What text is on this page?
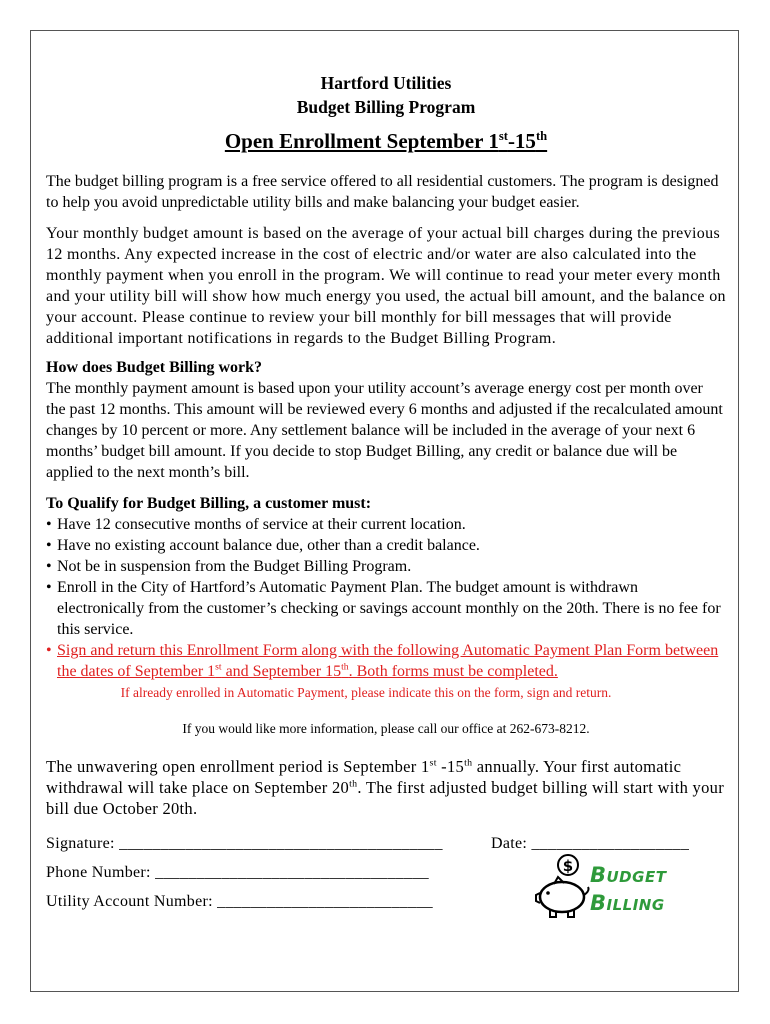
Hartford Utilities
Budget Billing Program
Open Enrollment September 1st-15th

The budget billing program is a free service offered to all residential customers. The program is designed to help you avoid unpredictable utility bills and make balancing your budget easier.

Your monthly budget amount is based on the average of your actual bill charges during the previous 12 months. Any expected increase in the cost of electric and/or water are also calculated into the monthly payment when you enroll in the program. We will continue to read your meter every month and your utility bill will show how much energy you used, the actual bill amount, and the balance on your account. Please continue to review your bill monthly for bill messages that will provide additional important notifications in regards to the Budget Billing Program.

How does Budget Billing work?

The monthly payment amount is based upon your utility account’s average energy cost per month over the past 12 months. This amount will be reviewed every 6 months and adjusted if the recalculated amount changes by 10 percent or more. Any settlement balance will be included in the average of your next 6 months’ budget bill amount. If you decide to stop Budget Billing, any credit or balance due will be applied to the next month’s bill.

To Qualify for Budget Billing, a customer must:

• Have 12 consecutive months of service at their current location.
• Have no existing account balance due, other than a credit balance.
• Not be in suspension from the Budget Billing Program.
• Enroll in the City of Hartford’s Automatic Payment Plan. The budget amount is withdrawn electronically from the customer’s checking or savings account monthly on the 20th. There is no fee for this service.
• Sign and return this Enrollment Form along with the following Automatic Payment Plan Form between the dates of September 1st and September 15th. Both forms must be completed.

If already enrolled in Automatic Payment, please indicate this on the form, sign and return.

If you would like more information, please call our office at 262-673-8212.

The unwavering open enrollment period is September 1st -15th annually. Your first automatic withdrawal will take place on September 20th. The first adjusted budget billing will start with your bill due October 20th.

Signature: _______________________________________	Date: ___________________
Phone Number: _________________________________
Utility Account Number: __________________________
$ Budget
Billing
